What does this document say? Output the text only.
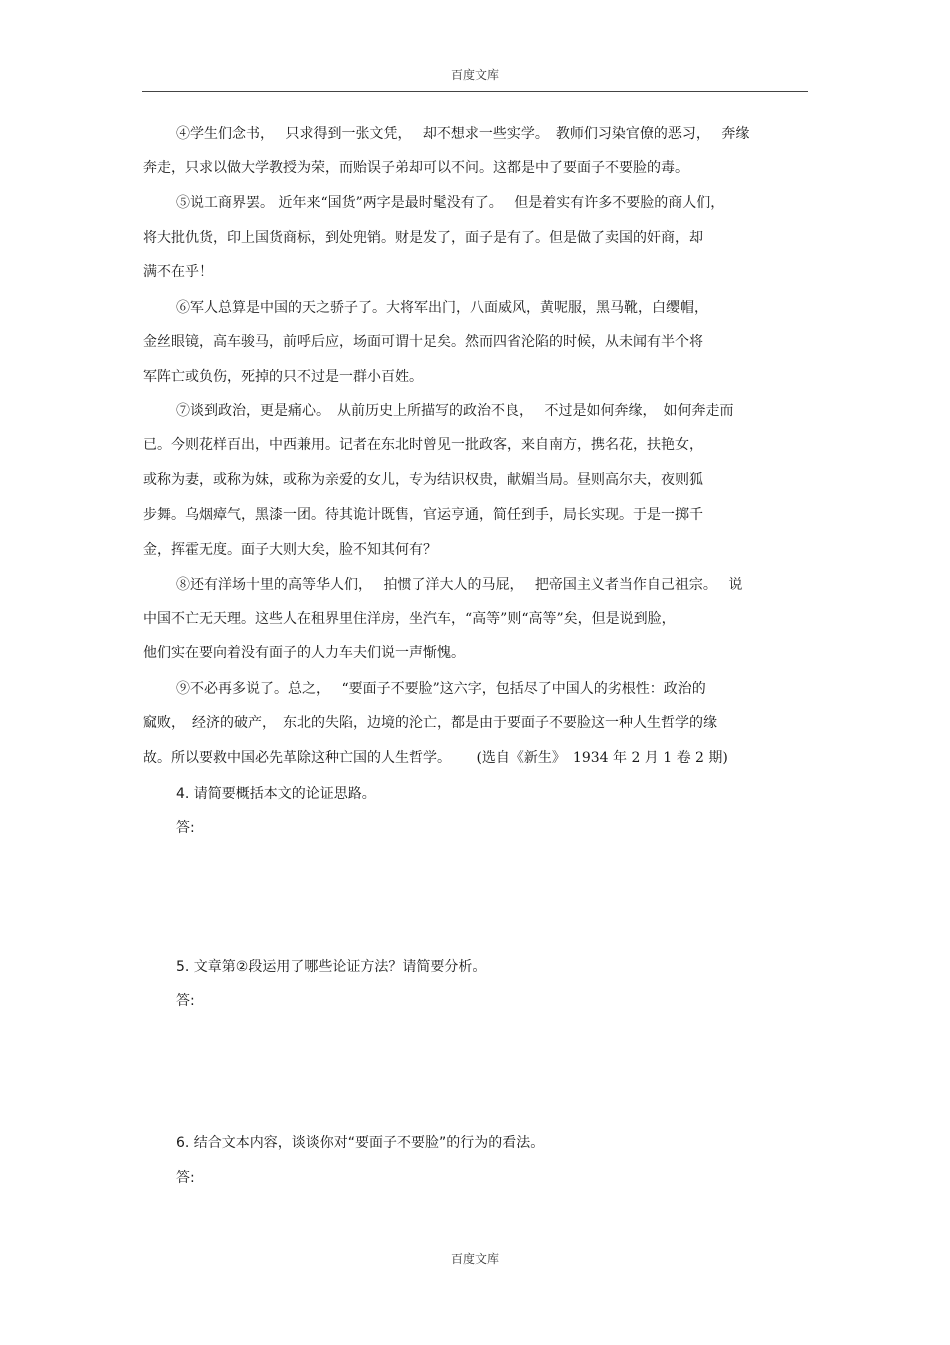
百度文库
④学生们念书，　 只求得到一张文凭，　 却不想求一些实学。　教师们习染官僚的恶习，　 奔缘
奔走，只求以做大学教授为荣，而贻误子弟却可以不问。这都是中了要面子不要脸的毒。
⑤说工商界罢。 近年来“国货”两字是最时髦没有了。　 但是着实有许多不要脸的商人们，
将大批仇货，印上国货商标，到处兜销。财是发了，面子是有了。但是做了卖国的奸商，却
满不在乎！
⑥军人总算是中国的天之骄子了。大将军出门，八面威风，黄呢服，黑马靴，白缨帽，
金丝眼镜，高车骏马，前呼后应，场面可谓十足矣。然而四省沦陷的时候，从未闻有半个将
军阵亡或负伤，死掉的只不过是一群小百姓。
⑦谈到政治，更是痛心。　从前历史上所描写的政治不良，　 不过是如何奔缘，　如何奔走而
已。今则花样百出，中西兼用。记者在东北时曾见一批政客，来自南方，携名花，扶艳女，
或称为妻，或称为妹，或称为亲爱的女儿，专为结识权贵，献媚当局。昼则高尔夫，夜则狐
步舞。乌烟瘴气，黑漆一团。待其诡计既售，官运亨通，简任到手，局长实现。于是一掷千
金，挥霍无度。面子大则大矣，脸不知其何有？
⑧还有洋场十里的高等华人们，　 拍惯了洋大人的马屁，　 把帝国主义者当作自己祖宗。　 说
中国不亡无天理。这些人在租界里住洋房，坐汽车，“高等”则“高等”矣，但是说到脸，
他们实在要向着没有面子的人力车夫们说一声惭愧。
⑨不必再多说了。总之，　 “要面子不要脸”这六字，包括尽了中国人的劣根性：政治的
窳败，　经济的破产，　东北的失陷，边境的沦亡，都是由于要面子不要脸这一种人生哲学的缘
故。所以要救中国必先革除这种亡国的人生哲学。　　 (选自《新生》　1934 年 2 月 1 卷 2 期)
4. 请简要概括本文的论证思路。
答:
5. 文章第②段运用了哪些论证方法？请简要分析。
答:
6. 结合文本内容，谈谈你对“要面子不要脸”的行为的看法。
答:
百度文库
